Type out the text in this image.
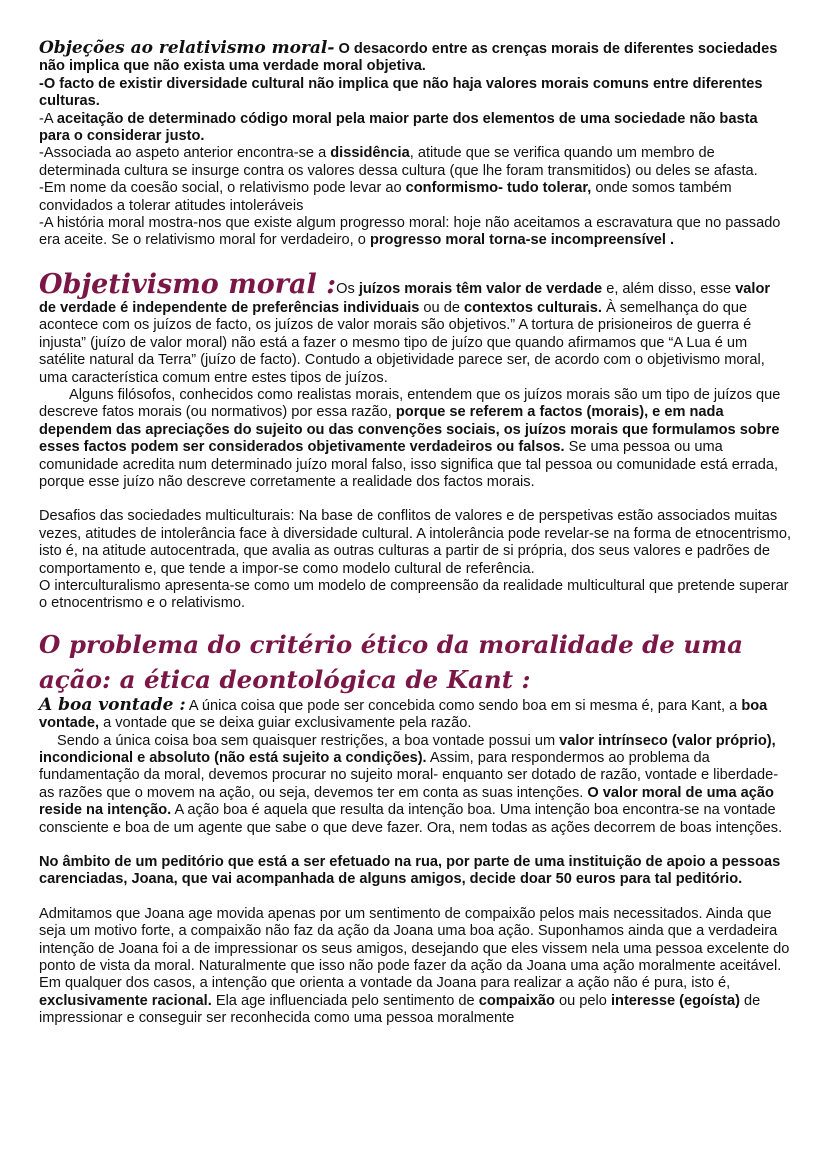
Objeções ao relativismo moral- O desacordo entre as crenças morais de diferentes sociedades não implica que não exista uma verdade moral objetiva.

-O facto de existir diversidade cultural não implica que não haja valores morais comuns entre diferentes culturas.

-A aceitação de determinado código moral pela maior parte dos elementos de uma sociedade não basta para o considerar justo.

-Associada ao aspeto anterior encontra-se a dissidência, atitude que se verifica quando um membro de determinada cultura se insurge contra os valores dessa cultura (que lhe foram transmitidos) ou deles se afasta.

-Em nome da coesão social, o relativismo pode levar ao conformismo- tudo tolerar, onde somos também convidados a tolerar atitudes intoleráveis

-A história moral mostra-nos que existe algum progresso moral: hoje não aceitamos a escravatura que no passado era aceite. Se o relativismo moral for verdadeiro, o progresso moral torna-se incompreensível .

Objetivismo moral :Os juízos morais têm valor de verdade e, além disso, esse valor de verdade é independente de preferências individuais ou de contextos culturais. À semelhança do que acontece com os juízos de facto, os juízos de valor morais são objetivos.” A tortura de prisioneiros de guerra é injusta” (juízo de valor moral) não está a fazer o mesmo tipo de juízo que quando afirmamos que “A Lua é um satélite natural da Terra” (juízo de facto). Contudo a objetividade parece ser, de acordo com o objetivismo moral, uma característica comum entre estes tipos de juízos.

Alguns filósofos, conhecidos como realistas morais, entendem que os juízos morais são um tipo de juízos que descreve fatos morais (ou normativos) por essa razão, porque se referem a factos (morais), e em nada dependem das apreciações do sujeito ou das convenções sociais, os juízos morais que formulamos sobre esses factos podem ser considerados objetivamente verdadeiros ou falsos. Se uma pessoa ou uma comunidade acredita num determinado juízo moral falso, isso significa que tal pessoa ou comunidade está errada, porque esse juízo não descreve corretamente a realidade dos factos morais.

Desafios das sociedades multiculturais: Na base de conflitos de valores e de perspetivas estão associados muitas vezes, atitudes de intolerância face à diversidade cultural. A intolerância pode revelar-se na forma de etnocentrismo, isto é, na atitude autocentrada, que avalia as outras culturas a partir de si própria, dos seus valores e padrões de comportamento e, que tende a impor-se como modelo cultural de referência.

O interculturalismo apresenta-se como um modelo de compreensão da realidade multicultural que pretende superar o etnocentrismo e o relativismo.

O problema do critério ético da moralidade de uma ação: a ética deontológica de Kant :

A boa vontade : A única coisa que pode ser concebida como sendo boa em si mesma é, para Kant, a boa vontade, a vontade que se deixa guiar exclusivamente pela razão.

Sendo a única coisa boa sem quaisquer restrições, a boa vontade possui um valor intrínseco (valor próprio), incondicional e absoluto (não está sujeito a condições). Assim, para respondermos ao problema da fundamentação da moral, devemos procurar no sujeito moral- enquanto ser dotado de razão, vontade e liberdade- as razões que o movem na ação, ou seja, devemos ter em conta as suas intenções. O valor moral de uma ação reside na intenção. A ação boa é aquela que resulta da intenção boa. Uma intenção boa encontra-se na vontade consciente e boa de um agente que sabe o que deve fazer. Ora, nem todas as ações decorrem de boas intenções.

No âmbito de um peditório que está a ser efetuado na rua, por parte de uma instituição de apoio a pessoas carenciadas, Joana, que vai acompanhada de alguns amigos, decide doar 50 euros para tal peditório.

Admitamos que Joana age movida apenas por um sentimento de compaixão pelos mais necessitados. Ainda que seja um motivo forte, a compaixão não faz da ação da Joana uma boa ação. Suponhamos ainda que a verdadeira intenção de Joana foi a de impressionar os seus amigos, desejando que eles vissem nela uma pessoa excelente do ponto de vista da moral. Naturalmente que isso não pode fazer da ação da Joana uma ação moralmente aceitável. Em qualquer dos casos, a intenção que orienta a vontade da Joana para realizar a ação não é pura, isto é, exclusivamente racional. Ela age influenciada pelo sentimento de compaixão ou pelo interesse (egoísta) de impressionar e conseguir ser reconhecida como uma pessoa moralmente
